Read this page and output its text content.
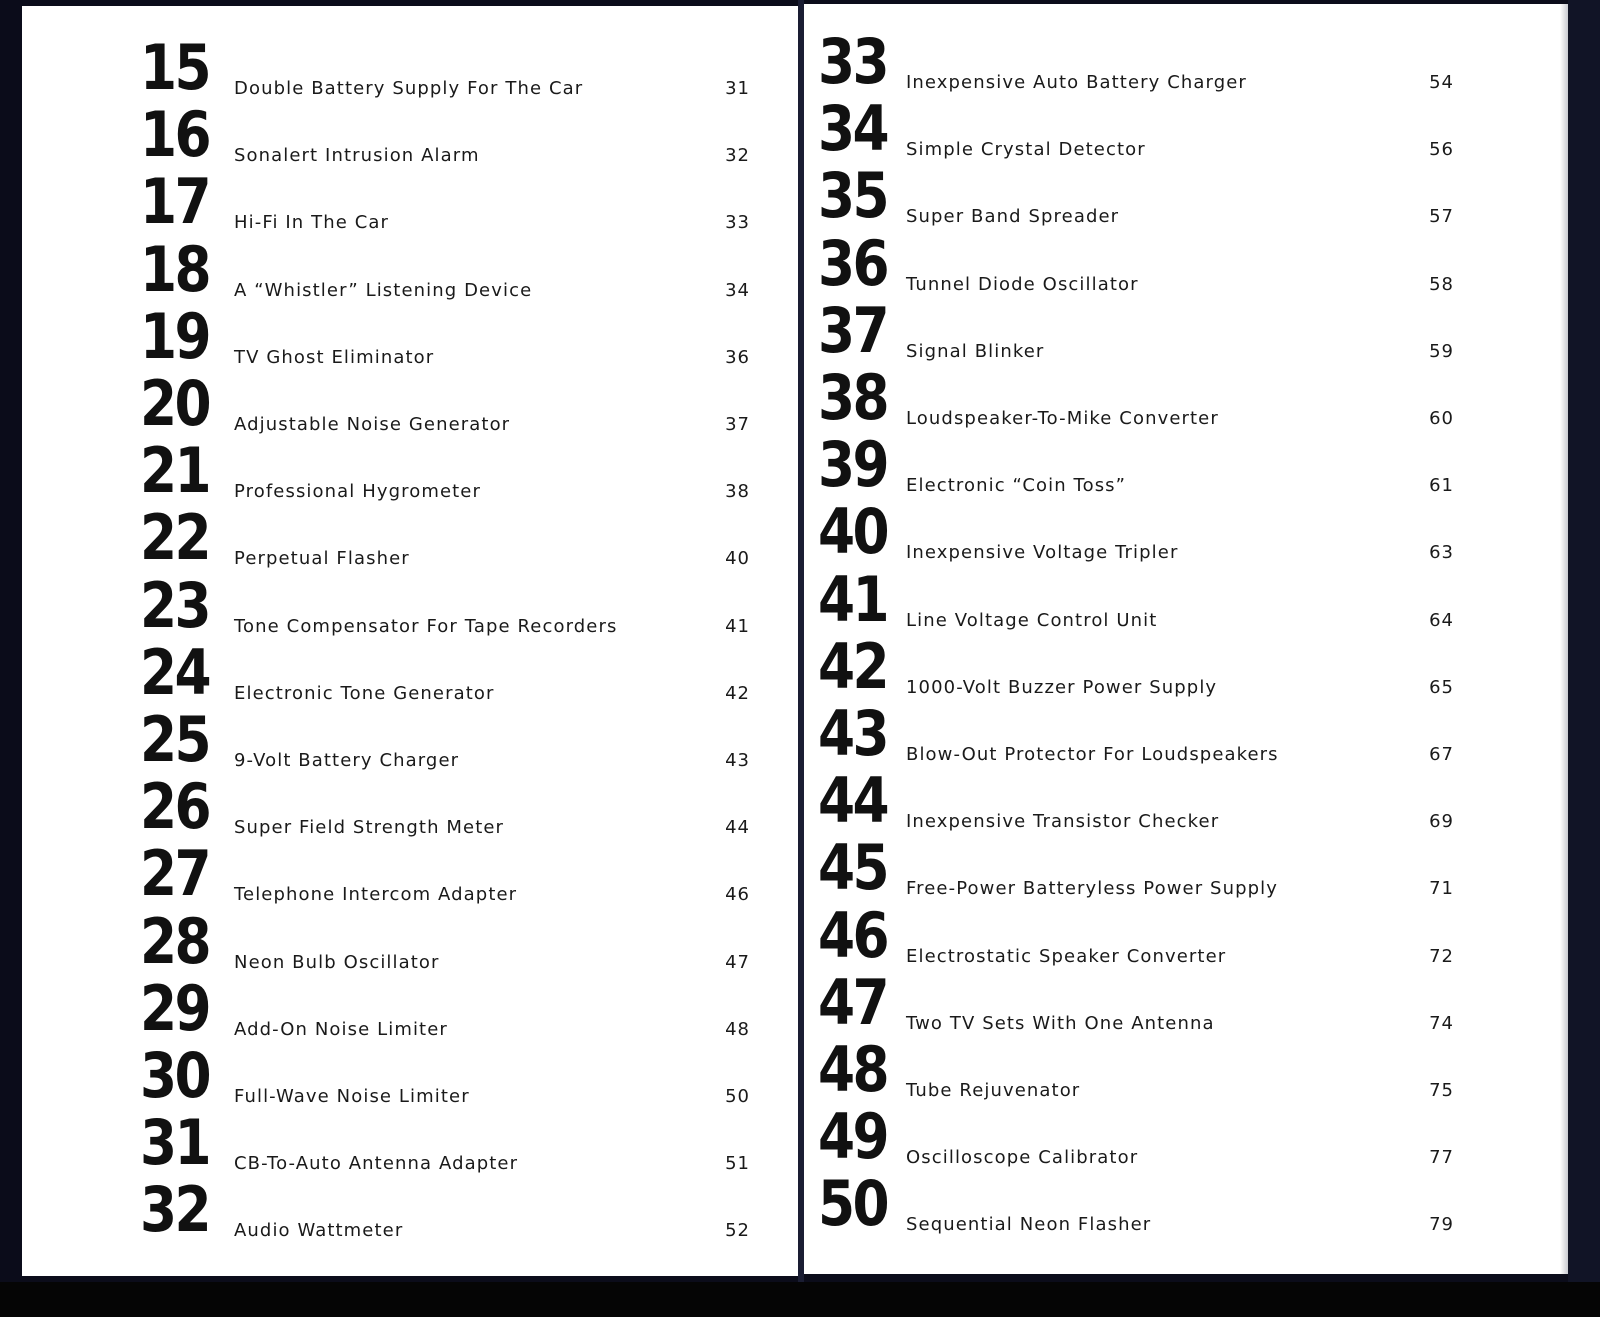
15 Double Battery Supply For The Car	31
16 Sonalert Intrusion Alarm	32
17 Hi-Fi In The Car	33
18 A “Whistler” Listening Device	34
19 TV Ghost Eliminator	36
20 Adjustable Noise Generator	37
21 Professional Hygrometer	38
22 Perpetual Flasher	40
23 Tone Compensator For Tape Recorders	41
24 Electronic Tone Generator	42
25 9-Volt Battery Charger	43
26 Super Field Strength Meter	44
27 Telephone Intercom Adapter	46
28 Neon Bulb Oscillator	47
29 Add-On Noise Limiter	48
30 Full-Wave Noise Limiter	50
31 CB-To-Auto Antenna Adapter	51
32 Audio Wattmeter	52
33 Inexpensive Auto Battery Charger	54
34 Simple Crystal Detector	56
35 Super Band Spreader	57
36 Tunnel Diode Oscillator	58
37 Signal Blinker	59
38 Loudspeaker-To-Mike Converter	60
39 Electronic “Coin Toss”	61
40 Inexpensive Voltage Tripler	63
41 Line Voltage Control Unit	64
42 1000-Volt Buzzer Power Supply	65
43 Blow-Out Protector For Loudspeakers	67
44 Inexpensive Transistor Checker	69
45 Free-Power Batteryless Power Supply	71
46 Electrostatic Speaker Converter	72
47 Two TV Sets With One Antenna	74
48 Tube Rejuvenator	75
49 Oscilloscope Calibrator	77
50 Sequential Neon Flasher	79
